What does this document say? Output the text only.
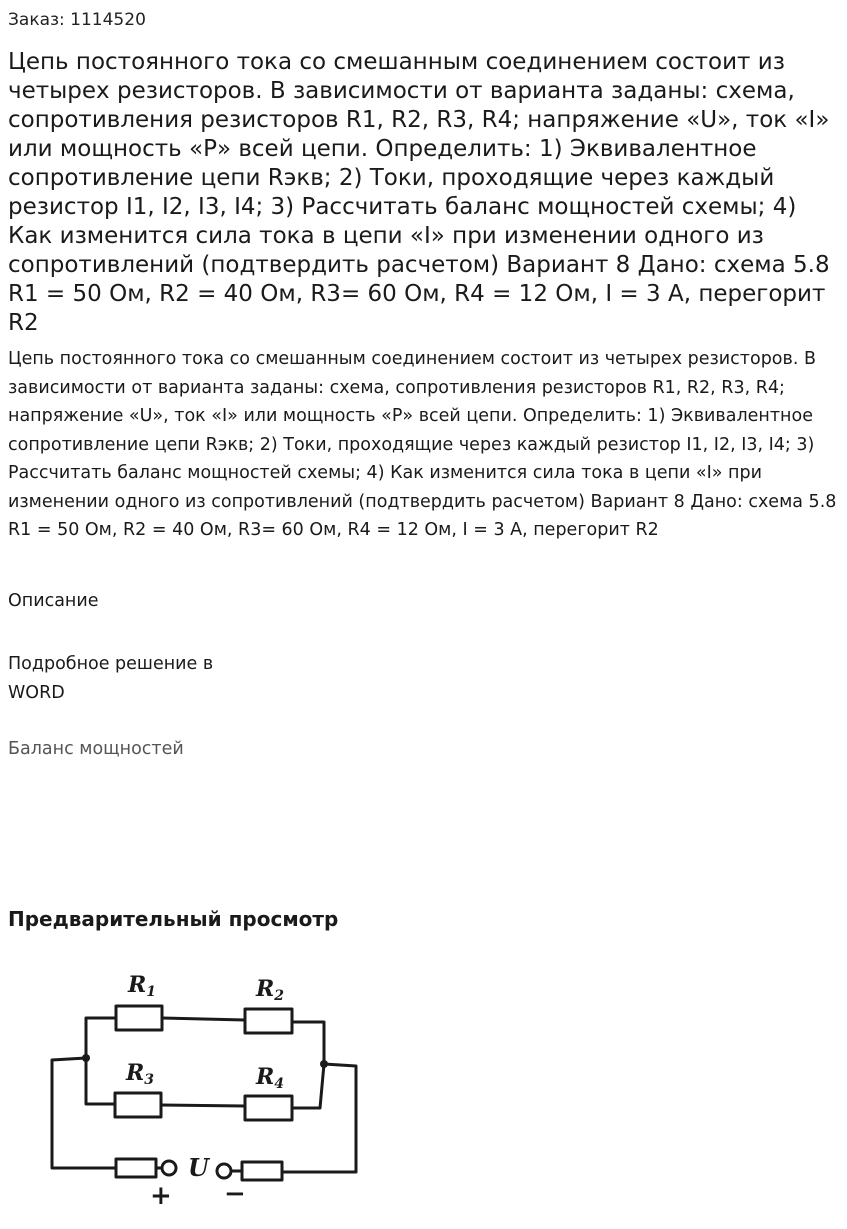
Заказ: 1114520
Цепь постоянного тока со смешанным соединением состоит из четырех резисторов. В зависимости от варианта заданы: схема, сопротивления резисторов R1, R2, R3, R4; напряжение «U», ток «I» или мощность «P» всей цепи. Определить: 1) Эквивалентное сопротивление цепи Rэкв; 2) Токи, проходящие через каждый резистор I1, I2, I3, I4; 3) Рассчитать баланс мощностей схемы; 4) Как изменится сила тока в цепи «I» при изменении одного из сопротивлений (подтвердить расчетом) Вариант 8 Дано: схема 5.8 R1 = 50 Ом, R2 = 40 Ом, R3= 60 Ом, R4 = 12 Ом, I = 3 А, перегорит R2
Цепь постоянного тока со смешанным соединением состоит из четырех резисторов. В зависимости от варианта заданы: схема, сопротивления резисторов R1, R2, R3, R4; напряжение «U», ток «I» или мощность «P» всей цепи. Определить: 1) Эквивалентное сопротивление цепи Rэкв; 2) Токи, проходящие через каждый резистор I1, I2, I3, I4; 3) Рассчитать баланс мощностей схемы; 4) Как изменится сила тока в цепи «I» при изменении одного из сопротивлений (подтвердить расчетом) Вариант 8 Дано: схема 5.8 R1 = 50 Ом, R2 = 40 Ом, R3= 60 Ом, R4 = 12 Ом, I = 3 А, перегорит R2
Описание
Подробное решение в WORD
Баланс мощностей
Предварительный просмотр
R1	R2
R3	R4
U
+ −
